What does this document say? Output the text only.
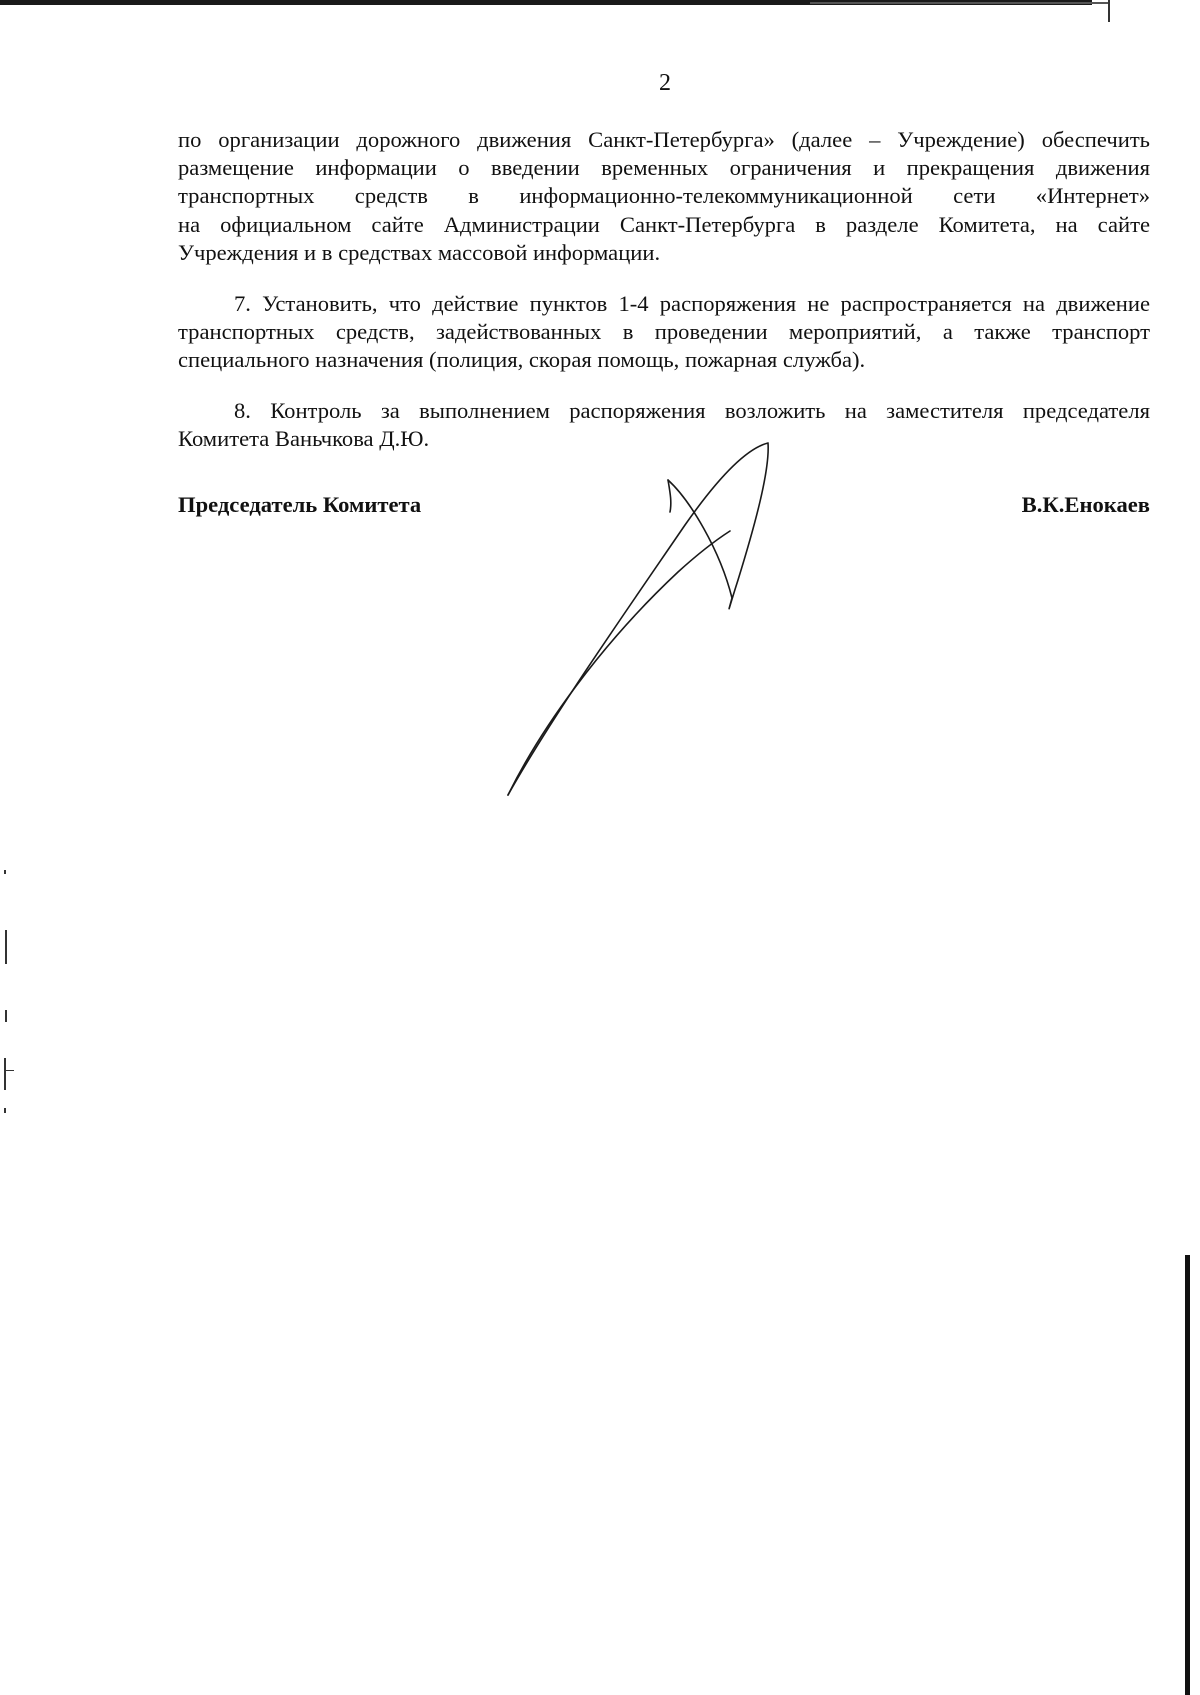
2

по организации дорожного движения Санкт-Петербурга» (далее – Учреждение) обеспечить
размещение информации о введении временных ограничения и прекращения движения
транспортных средств в информационно-телекоммуникационной сети «Интернет»
на официальном сайте Администрации Санкт-Петербурга в разделе Комитета, на сайте
Учреждения и в средствах массовой информации.

7. Установить, что действие пунктов 1-4 распоряжения не распространяется на движение
транспортных средств, задействованных в проведении мероприятий, а также транспорт
специального назначения (полиция, скорая помощь, пожарная служба).

8. Контроль за выполнением распоряжения возложить на заместителя председателя
Комитета Ваньчкова Д.Ю.

Председатель Комитета	В.К.Енокаев
